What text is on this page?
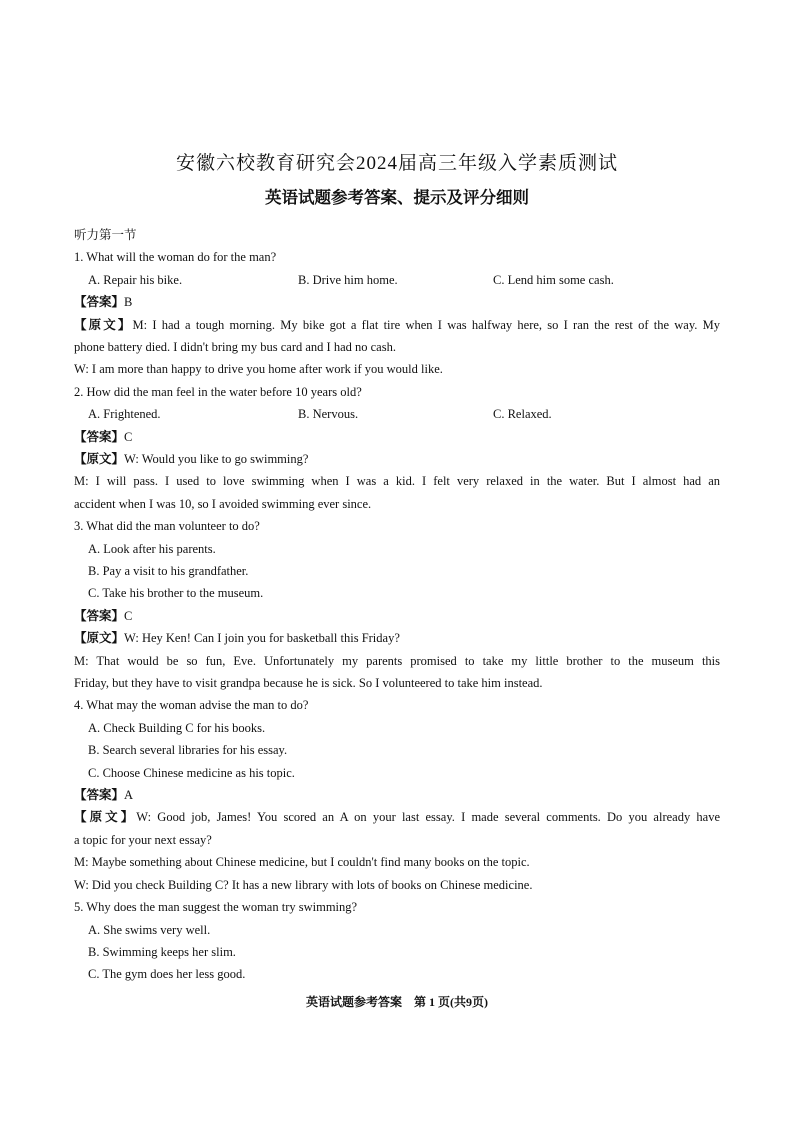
安徽六校教育研究会2024届高三年级入学素质测试
英语试题参考答案、提示及评分细则
听力第一节
1. What will the woman do for the man?
A. Repair his bike.	B. Drive him home.	C. Lend him some cash.
【答案】B
【原文】M: I had a tough morning. My bike got a flat tire when I was halfway here, so I ran the rest of the way. My
phone battery died. I didn't bring my bus card and I had no cash.
W: I am more than happy to drive you home after work if you would like.
2. How did the man feel in the water before 10 years old?
A. Frightened.	B. Nervous.	C. Relaxed.
【答案】C
【原文】W: Would you like to go swimming?
M: I will pass. I used to love swimming when I was a kid. I felt very relaxed in the water. But I almost had an
accident when I was 10, so I avoided swimming ever since.
3. What did the man volunteer to do?
A. Look after his parents.
B. Pay a visit to his grandfather.
C. Take his brother to the museum.
【答案】C
【原文】W: Hey Ken! Can I join you for basketball this Friday?
M: That would be so fun, Eve. Unfortunately my parents promised to take my little brother to the museum this
Friday, but they have to visit grandpa because he is sick. So I volunteered to take him instead.
4. What may the woman advise the man to do?
A. Check Building C for his books.
B. Search several libraries for his essay.
C. Choose Chinese medicine as his topic.
【答案】A
【原文】W: Good job, James! You scored an A on your last essay. I made several comments. Do you already have
a topic for your next essay?
M: Maybe something about Chinese medicine, but I couldn't find many books on the topic.
W: Did you check Building C? It has a new library with lots of books on Chinese medicine.
5. Why does the man suggest the woman try swimming?
A. She swims very well.
B. Swimming keeps her slim.
C. The gym does her less good.
英语试题参考答案　第 1 页(共9页)
